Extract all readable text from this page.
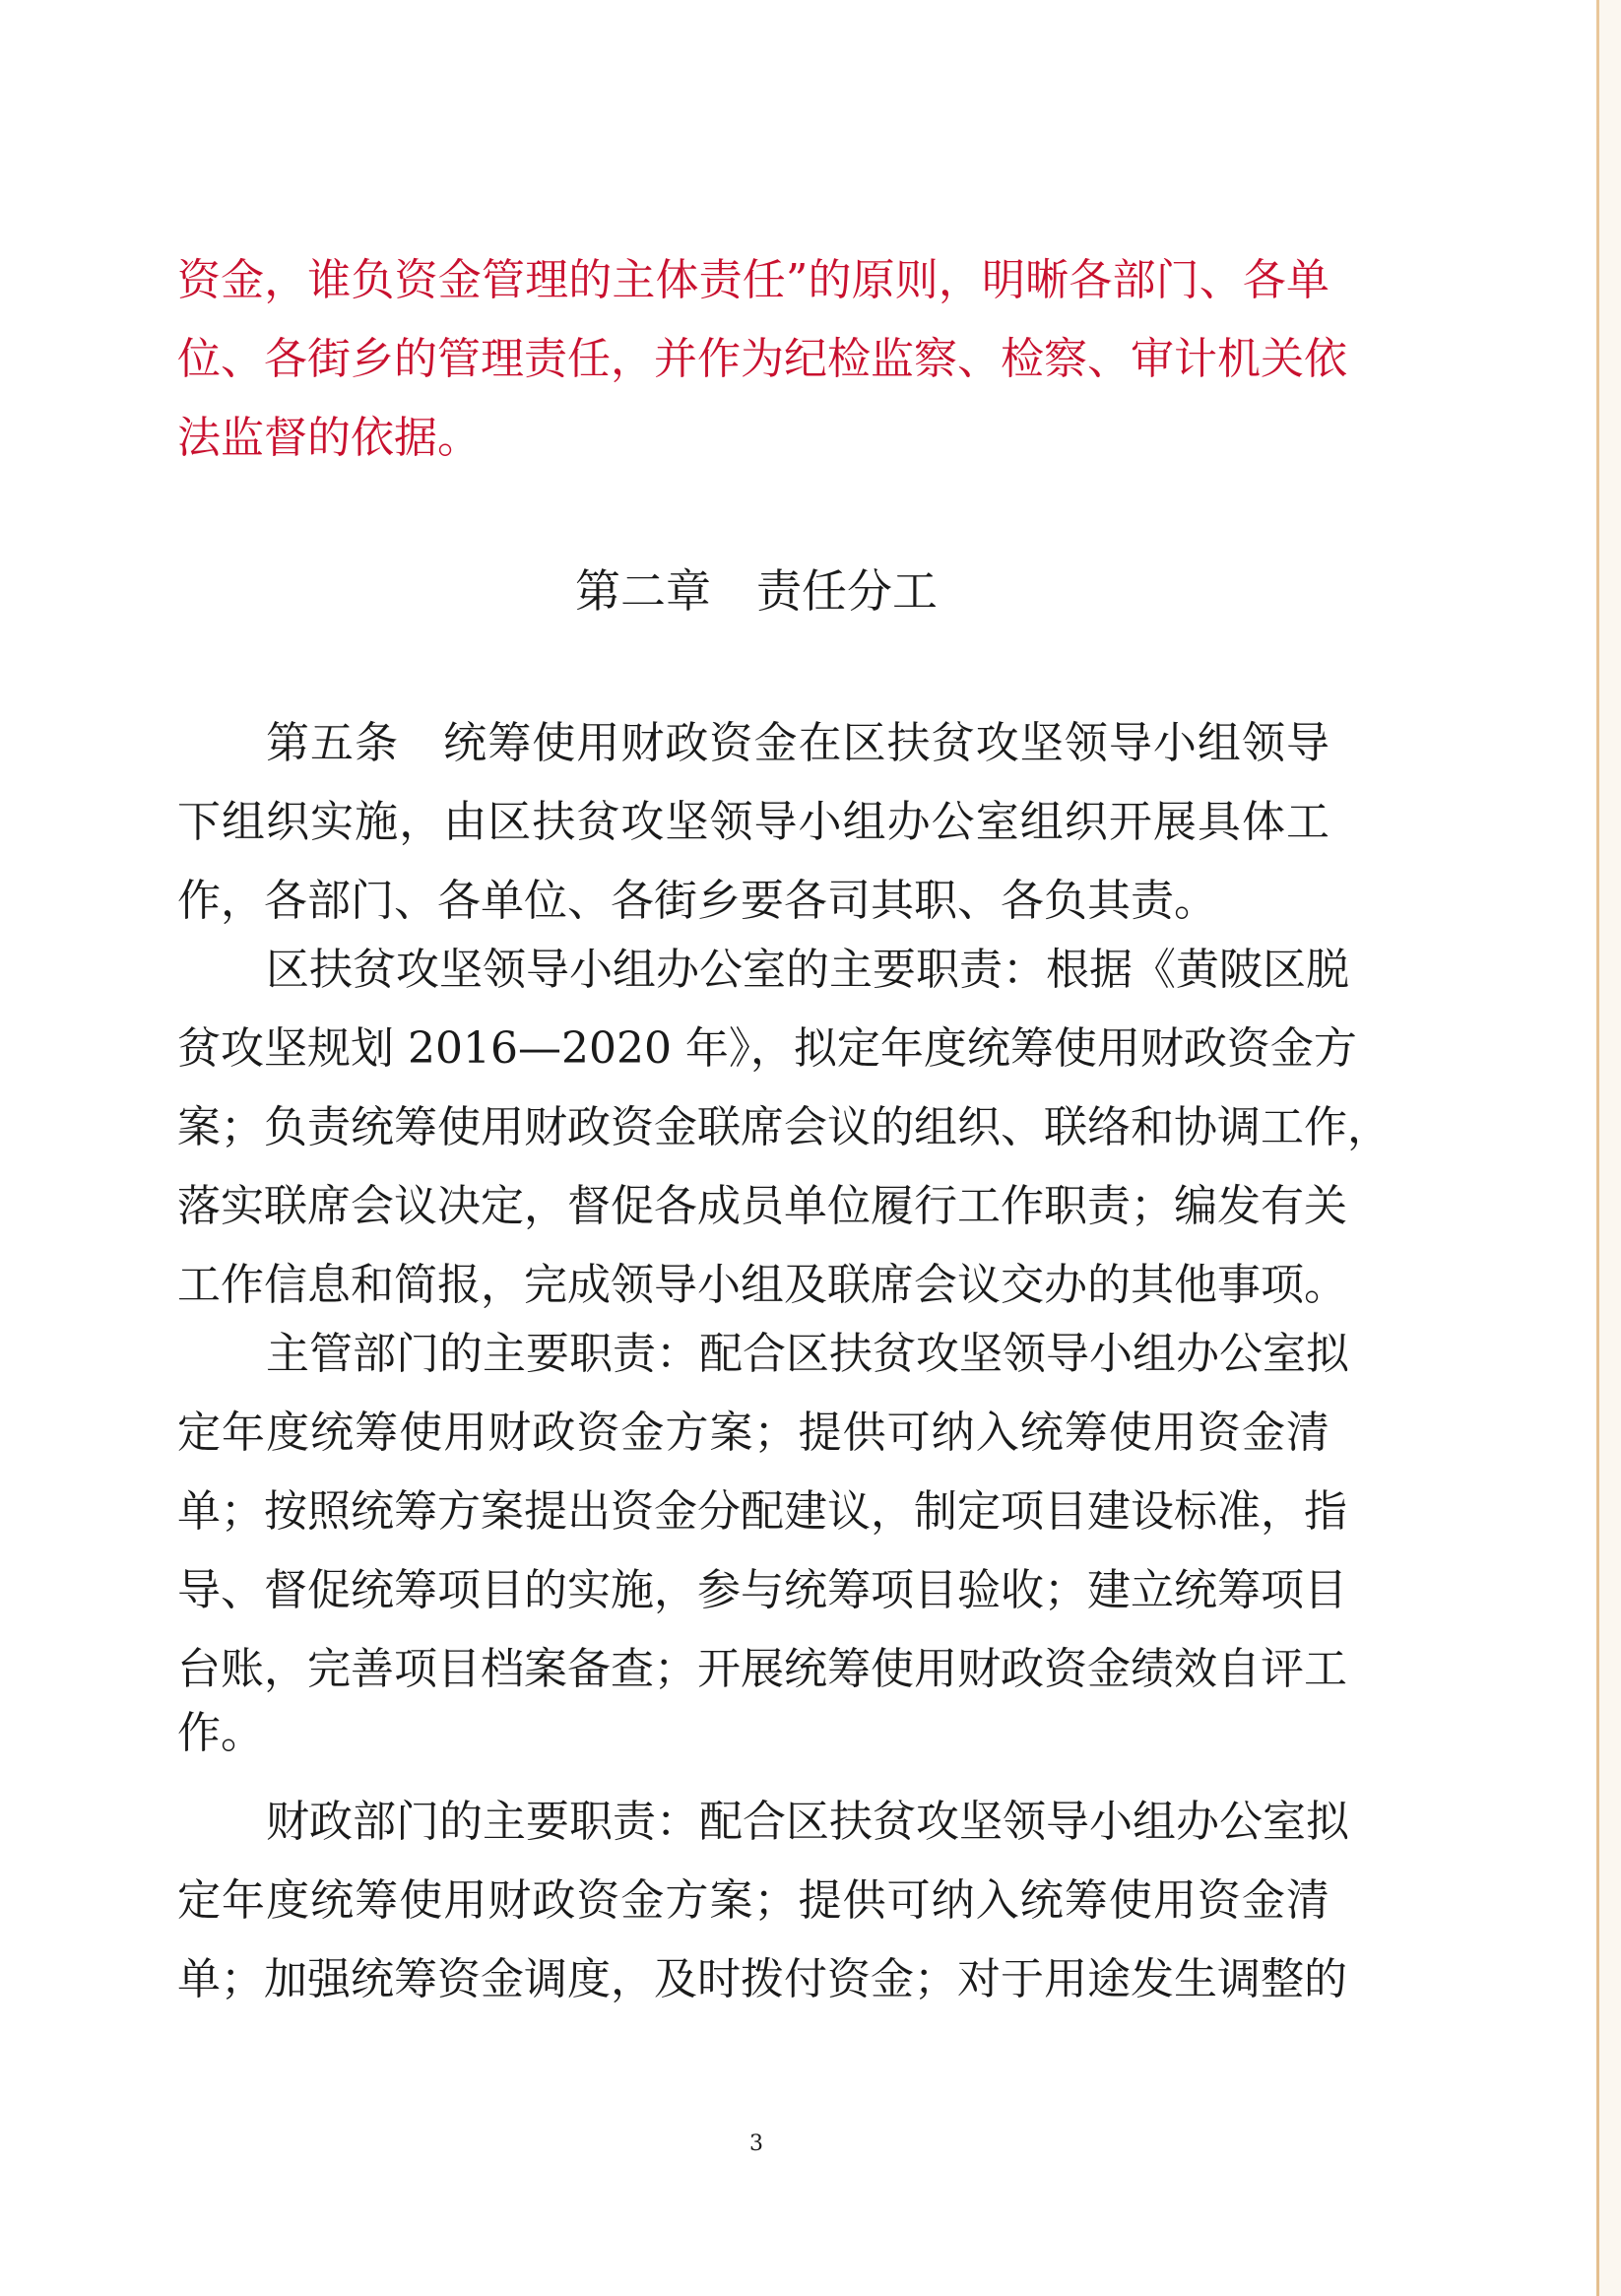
资金，谁负资金管理的主体责任”的原则，明晰各部门、各单
位、各街乡的管理责任，并作为纪检监察、检察、审计机关依
法监督的依据。
第二章　责任分工
第五条　统筹使用财政资金在区扶贫攻坚领导小组领导
下组织实施，由区扶贫攻坚领导小组办公室组织开展具体工
作，各部门、各单位、各街乡要各司其职、各负其责。
区扶贫攻坚领导小组办公室的主要职责：根据《黄陂区脱
贫攻坚规划 2016—2020 年》，拟定年度统筹使用财政资金方
案；负责统筹使用财政资金联席会议的组织、联络和协调工作，
落实联席会议决定，督促各成员单位履行工作职责；编发有关
工作信息和简报，完成领导小组及联席会议交办的其他事项。
主管部门的主要职责：配合区扶贫攻坚领导小组办公室拟
定年度统筹使用财政资金方案；提供可纳入统筹使用资金清
单；按照统筹方案提出资金分配建议，制定项目建设标准，指
导、督促统筹项目的实施，参与统筹项目验收；建立统筹项目
台账，完善项目档案备查；开展统筹使用财政资金绩效自评工
作。
财政部门的主要职责：配合区扶贫攻坚领导小组办公室拟
定年度统筹使用财政资金方案；提供可纳入统筹使用资金清
单；加强统筹资金调度，及时拨付资金；对于用途发生调整的
3
